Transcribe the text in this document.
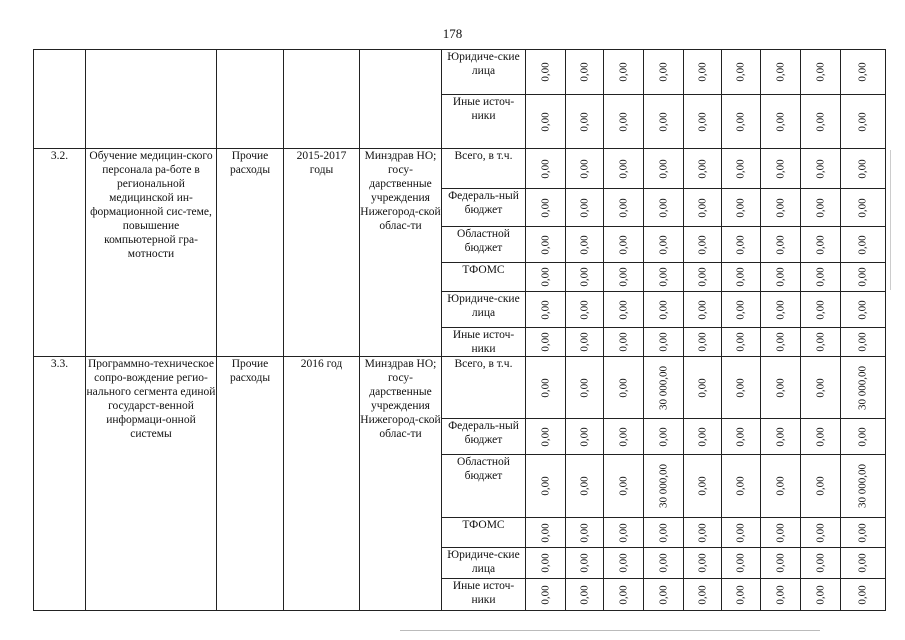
178
					Юридиче-ские лица	0,00	0,00	0,00	0,00	0,00	0,00	0,00	0,00	0,00

					Иные источ-ники	0,00	0,00	0,00	0,00	0,00	0,00	0,00	0,00	0,00

3.2.	Обучение медицин-ского персонала ра-боте в региональной медицинской ин-формационной сис-теме, повышение компьютерной гра-мотности	Прочие расходы	2015-2017 годы	Минздрав НО; госу-дарственные учреждения Нижегород-ской облас-ти	Всего, в т.ч.	0,00	0,00	0,00	0,00	0,00	0,00	0,00	0,00	0,00

					Федераль-ный бюджет	0,00	0,00	0,00	0,00	0,00	0,00	0,00	0,00	0,00

					Областной бюджет	0,00	0,00	0,00	0,00	0,00	0,00	0,00	0,00	0,00

					ТФОМС	0,00	0,00	0,00	0,00	0,00	0,00	0,00	0,00	0,00

					Юридиче-ские лица	0,00	0,00	0,00	0,00	0,00	0,00	0,00	0,00	0,00

					Иные источ-ники	0,00	0,00	0,00	0,00	0,00	0,00	0,00	0,00	0,00

3.3.	Программно-техническое сопро-вождение регио-нального сегмента единой государст-венной информаци-онной системы	Прочие расходы	2016 год	Минздрав НО; госу-дарственные учреждения Нижегород-ской облас-ти	Всего, в т.ч.	0,00	0,00	0,00	30 000,00	0,00	0,00	0,00	0,00	30 000,00

					Федераль-ный бюджет	0,00	0,00	0,00	0,00	0,00	0,00	0,00	0,00	0,00

					Областной бюджет	0,00	0,00	0,00	30 000,00	0,00	0,00	0,00	0,00	30 000,00

					ТФОМС	0,00	0,00	0,00	0,00	0,00	0,00	0,00	0,00	0,00

					Юридиче-ские лица	0,00	0,00	0,00	0,00	0,00	0,00	0,00	0,00	0,00

					Иные источ-ники	0,00	0,00	0,00	0,00	0,00	0,00	0,00	0,00	0,00
